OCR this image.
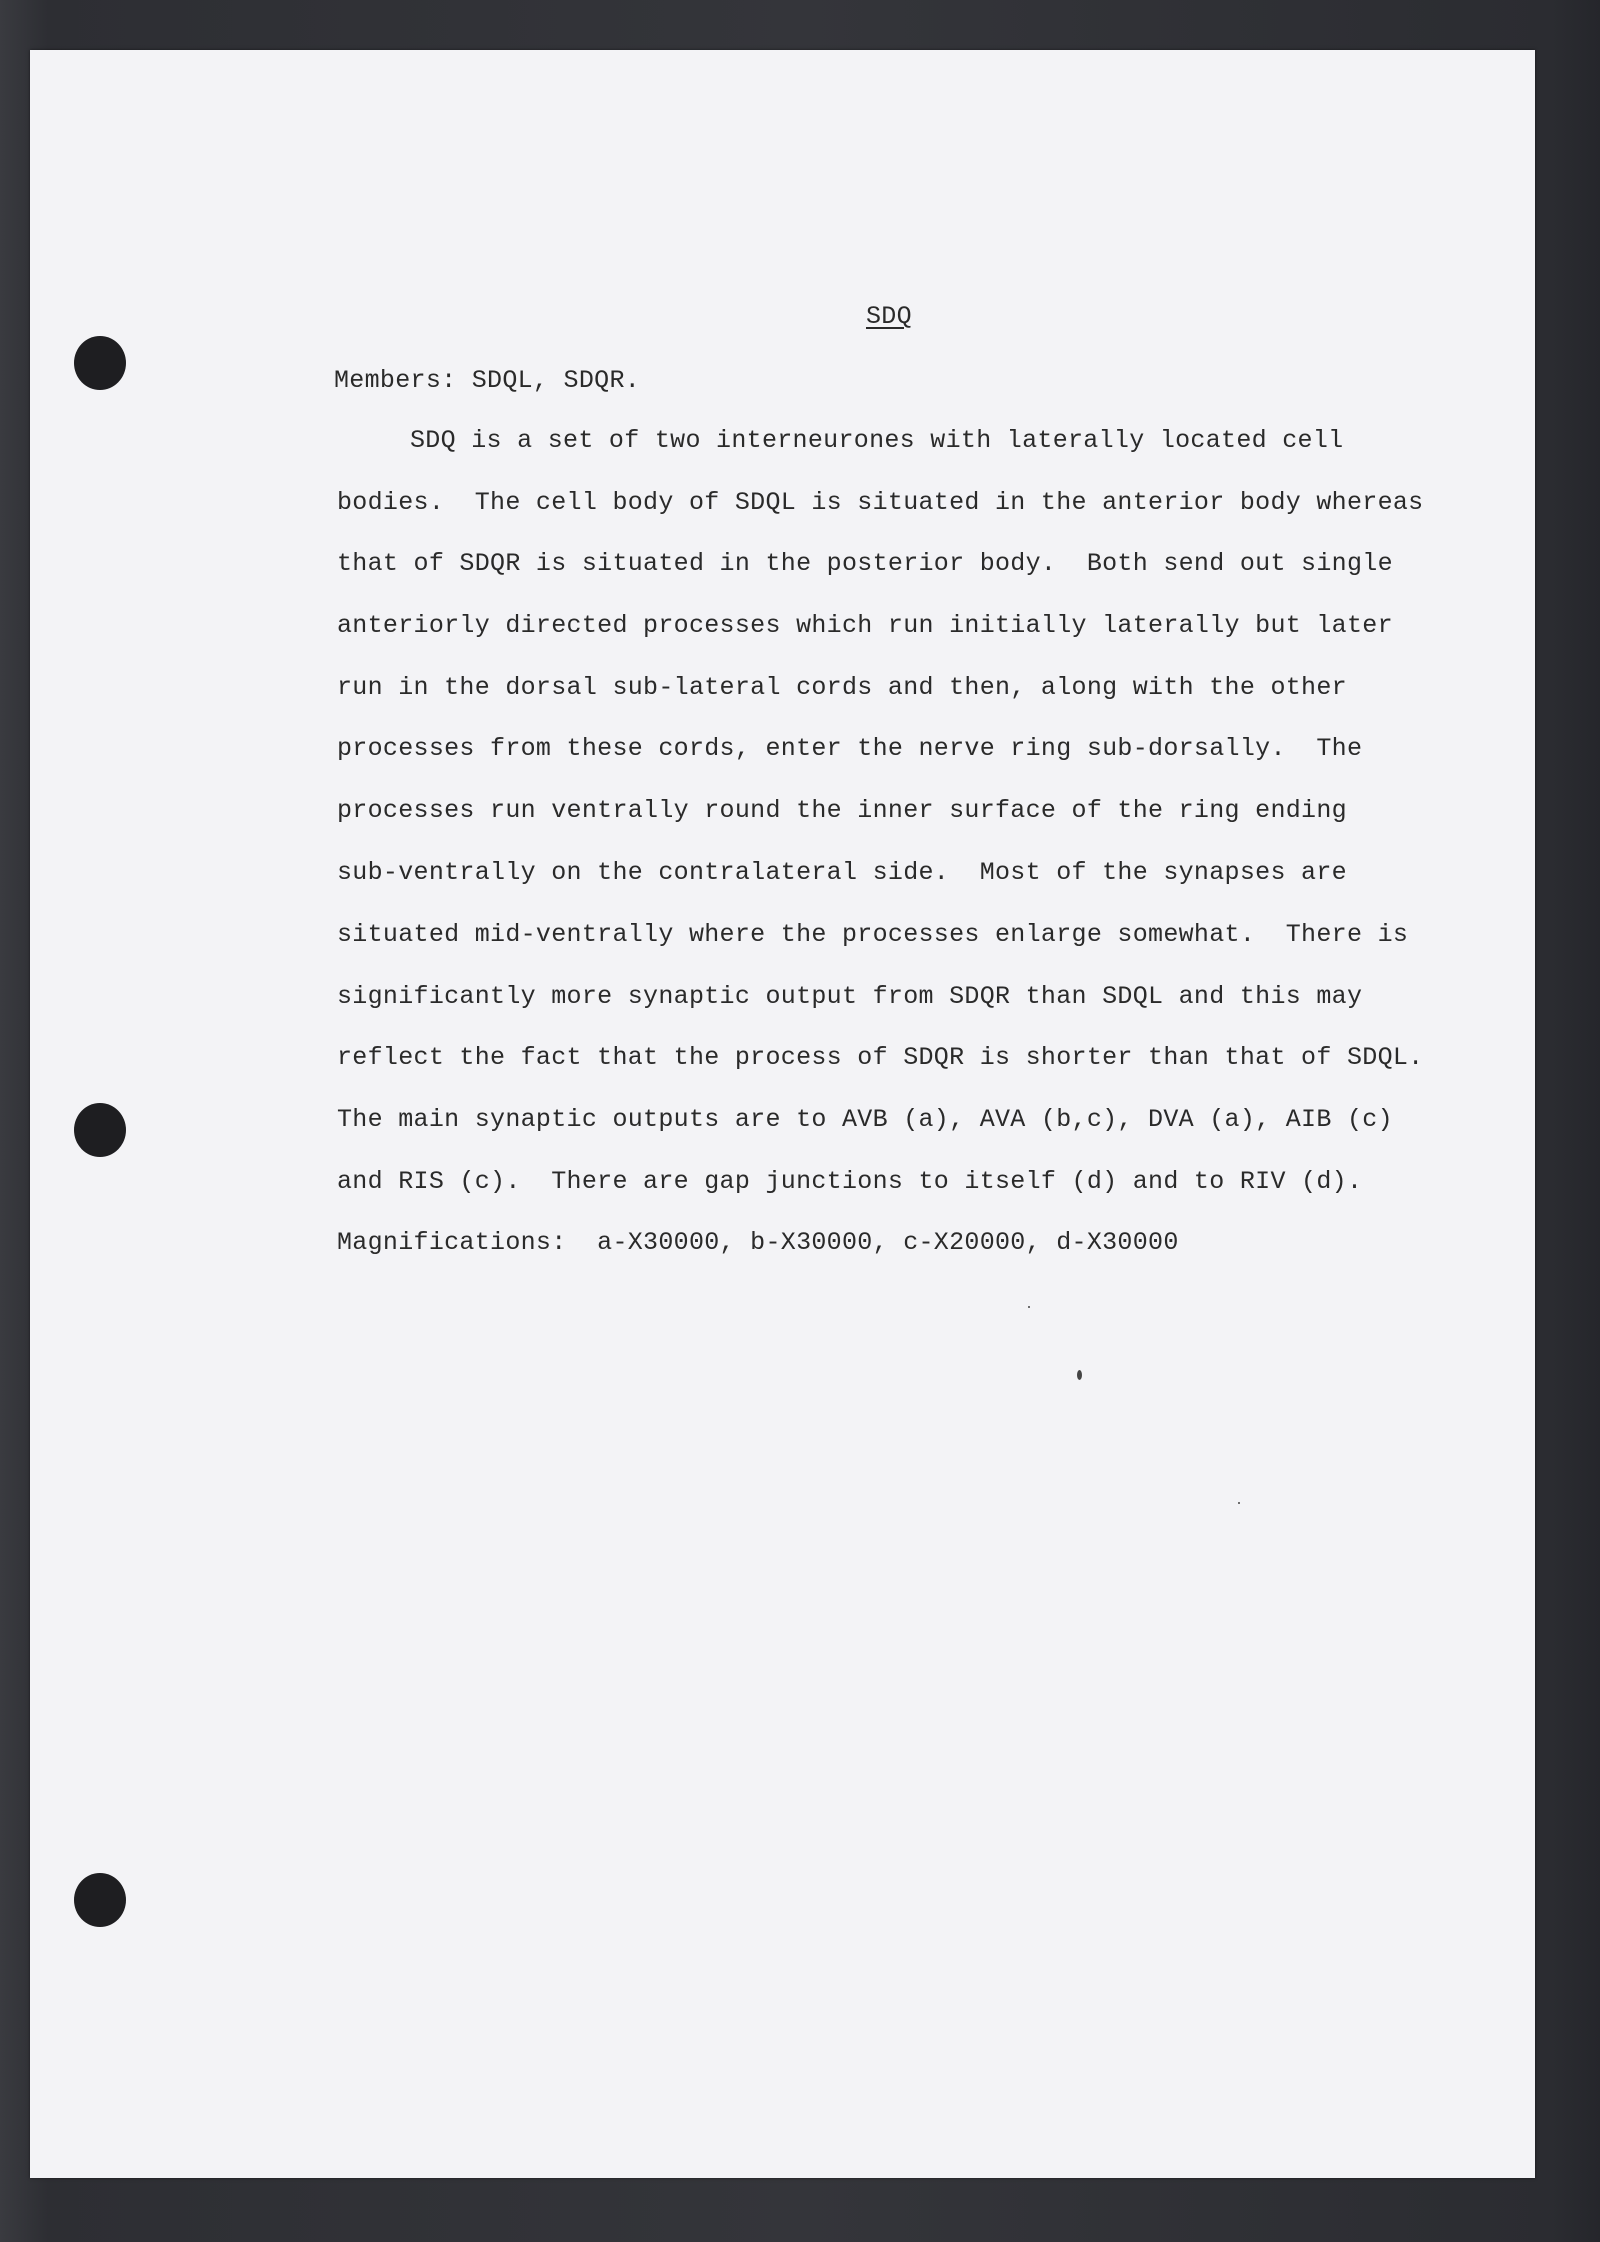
SDQ
Members: SDQL, SDQR.
SDQ is a set of two interneurones with laterally located cell
bodies.  The cell body of SDQL is situated in the anterior body whereas
that of SDQR is situated in the posterior body.  Both send out single
anteriorly directed processes which run initially laterally but later
run in the dorsal sub-lateral cords and then, along with the other
processes from these cords, enter the nerve ring sub-dorsally.  The
processes run ventrally round the inner surface of the ring ending
sub-ventrally on the contralateral side.  Most of the synapses are
situated mid-ventrally where the processes enlarge somewhat.  There is
significantly more synaptic output from SDQR than SDQL and this may
reflect the fact that the process of SDQR is shorter than that of SDQL.
The main synaptic outputs are to AVB (a), AVA (b,c), DVA (a), AIB (c)
and RIS (c).  There are gap junctions to itself (d) and to RIV (d).
Magnifications:  a-X30000, b-X30000, c-X20000, d-X30000
